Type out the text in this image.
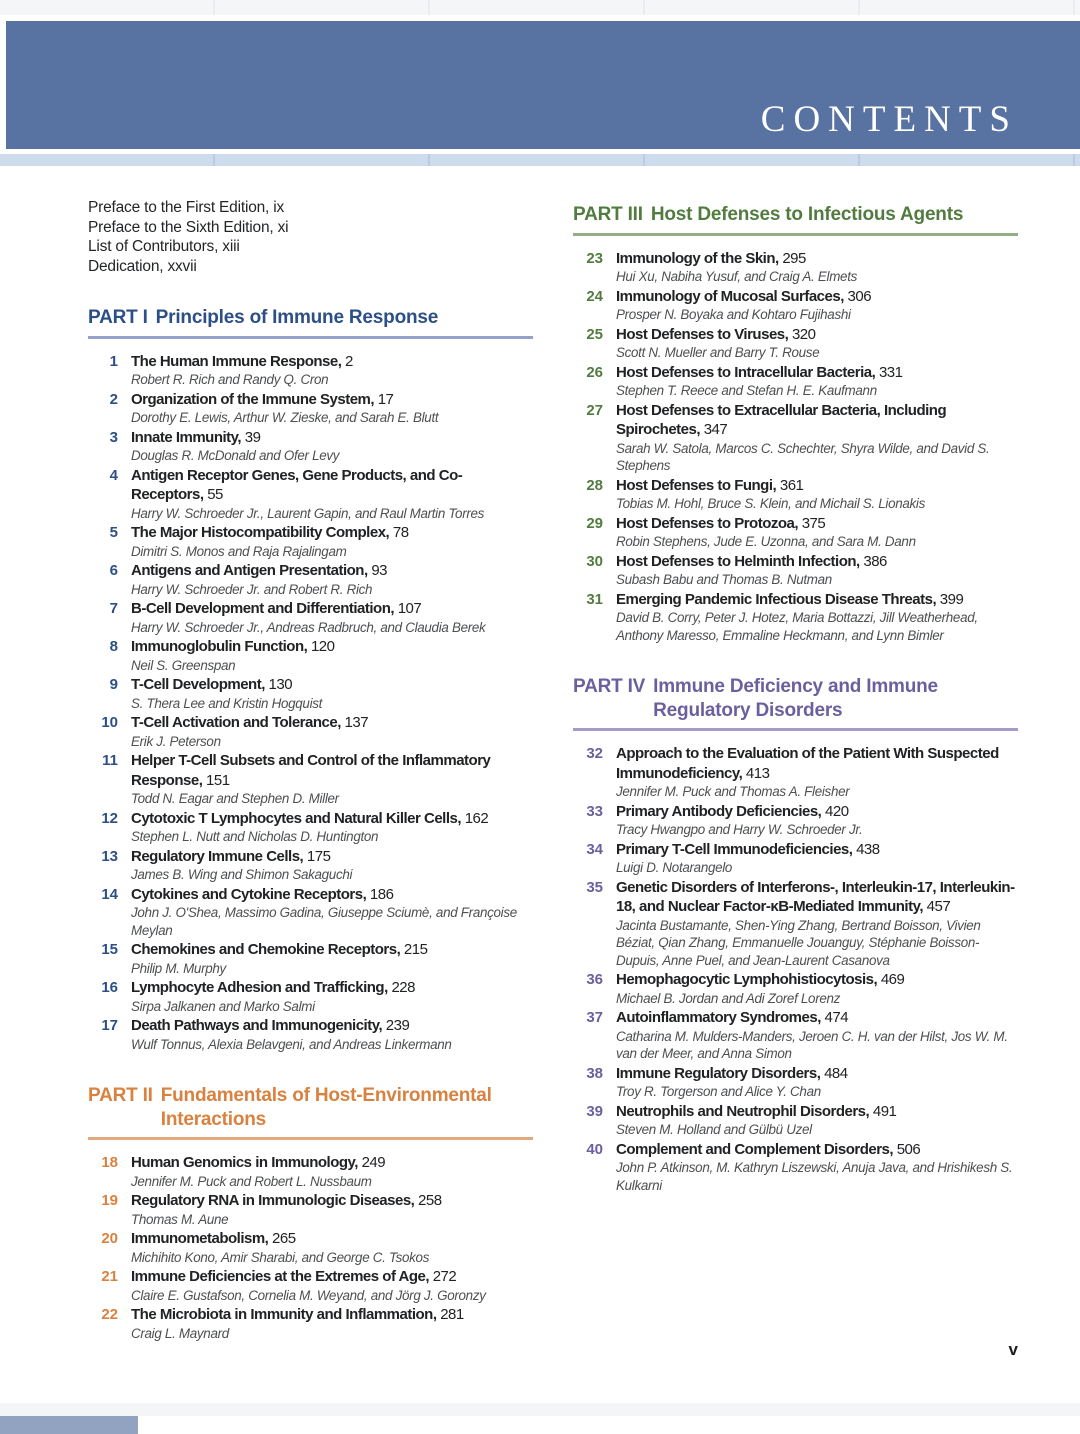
CONTENTS
Preface to the First Edition, ix
Preface to the Sixth Edition, xi
List of Contributors, xiii
Dedication, xxvii
PART I Principles of Immune Response
1 The Human Immune Response, 2
Robert R. Rich and Randy Q. Cron
2 Organization of the Immune System, 17
Dorothy E. Lewis, Arthur W. Zieske, and Sarah E. Blutt
3 Innate Immunity, 39
Douglas R. McDonald and Ofer Levy
4 Antigen Receptor Genes, Gene Products, and Co-Receptors, 55
Harry W. Schroeder Jr., Laurent Gapin, and Raul Martin Torres
5 The Major Histocompatibility Complex, 78
Dimitri S. Monos and Raja Rajalingam
6 Antigens and Antigen Presentation, 93
Harry W. Schroeder Jr. and Robert R. Rich
7 B-Cell Development and Differentiation, 107
Harry W. Schroeder Jr., Andreas Radbruch, and Claudia Berek
8 Immunoglobulin Function, 120
Neil S. Greenspan
9 T-Cell Development, 130
S. Thera Lee and Kristin Hogquist
10 T-Cell Activation and Tolerance, 137
Erik J. Peterson
11 Helper T-Cell Subsets and Control of the Inflammatory Response, 151
Todd N. Eagar and Stephen D. Miller
12 Cytotoxic T Lymphocytes and Natural Killer Cells, 162
Stephen L. Nutt and Nicholas D. Huntington
13 Regulatory Immune Cells, 175
James B. Wing and Shimon Sakaguchi
14 Cytokines and Cytokine Receptors, 186
John J. O'Shea, Massimo Gadina, Giuseppe Sciumè, and Françoise Meylan
15 Chemokines and Chemokine Receptors, 215
Philip M. Murphy
16 Lymphocyte Adhesion and Trafficking, 228
Sirpa Jalkanen and Marko Salmi
17 Death Pathways and Immunogenicity, 239
Wulf Tonnus, Alexia Belavgeni, and Andreas Linkermann
PART II Fundamentals of Host-Environmental Interactions
18 Human Genomics in Immunology, 249
Jennifer M. Puck and Robert L. Nussbaum
19 Regulatory RNA in Immunologic Diseases, 258
Thomas M. Aune
20 Immunometabolism, 265
Michihito Kono, Amir Sharabi, and George C. Tsokos
21 Immune Deficiencies at the Extremes of Age, 272
Claire E. Gustafson, Cornelia M. Weyand, and Jörg J. Goronzy
22 The Microbiota in Immunity and Inflammation, 281
Craig L. Maynard
PART III Host Defenses to Infectious Agents
23 Immunology of the Skin, 295
Hui Xu, Nabiha Yusuf, and Craig A. Elmets
24 Immunology of Mucosal Surfaces, 306
Prosper N. Boyaka and Kohtaro Fujihashi
25 Host Defenses to Viruses, 320
Scott N. Mueller and Barry T. Rouse
26 Host Defenses to Intracellular Bacteria, 331
Stephen T. Reece and Stefan H. E. Kaufmann
27 Host Defenses to Extracellular Bacteria, Including Spirochetes, 347
Sarah W. Satola, Marcos C. Schechter, Shyra Wilde, and David S. Stephens
28 Host Defenses to Fungi, 361
Tobias M. Hohl, Bruce S. Klein, and Michail S. Lionakis
29 Host Defenses to Protozoa, 375
Robin Stephens, Jude E. Uzonna, and Sara M. Dann
30 Host Defenses to Helminth Infection, 386
Subash Babu and Thomas B. Nutman
31 Emerging Pandemic Infectious Disease Threats, 399
David B. Corry, Peter J. Hotez, Maria Bottazzi, Jill Weatherhead, Anthony Maresso, Emmaline Heckmann, and Lynn Bimler
PART IV Immune Deficiency and Immune Regulatory Disorders
32 Approach to the Evaluation of the Patient With Suspected Immunodeficiency, 413
Jennifer M. Puck and Thomas A. Fleisher
33 Primary Antibody Deficiencies, 420
Tracy Hwangpo and Harry W. Schroeder Jr.
34 Primary T-Cell Immunodeficiencies, 438
Luigi D. Notarangelo
35 Genetic Disorders of Interferons-, Interleukin-17, Interleukin-18, and Nuclear Factor-κB-Mediated Immunity, 457
Jacinta Bustamante, Shen-Ying Zhang, Bertrand Boisson, Vivien Béziat, Qian Zhang, Emmanuelle Jouanguy, Stéphanie Boisson-Dupuis, Anne Puel, and Jean-Laurent Casanova
36 Hemophagocytic Lymphohistiocytosis, 469
Michael B. Jordan and Adi Zoref Lorenz
37 Autoinflammatory Syndromes, 474
Catharina M. Mulders-Manders, Jeroen C. H. van der Hilst, Jos W. M. van der Meer, and Anna Simon
38 Immune Regulatory Disorders, 484
Troy R. Torgerson and Alice Y. Chan
39 Neutrophils and Neutrophil Disorders, 491
Steven M. Holland and Gülbü Uzel
40 Complement and Complement Disorders, 506
John P. Atkinson, M. Kathryn Liszewski, Anuja Java, and Hrishikesh S. Kulkarni
v
